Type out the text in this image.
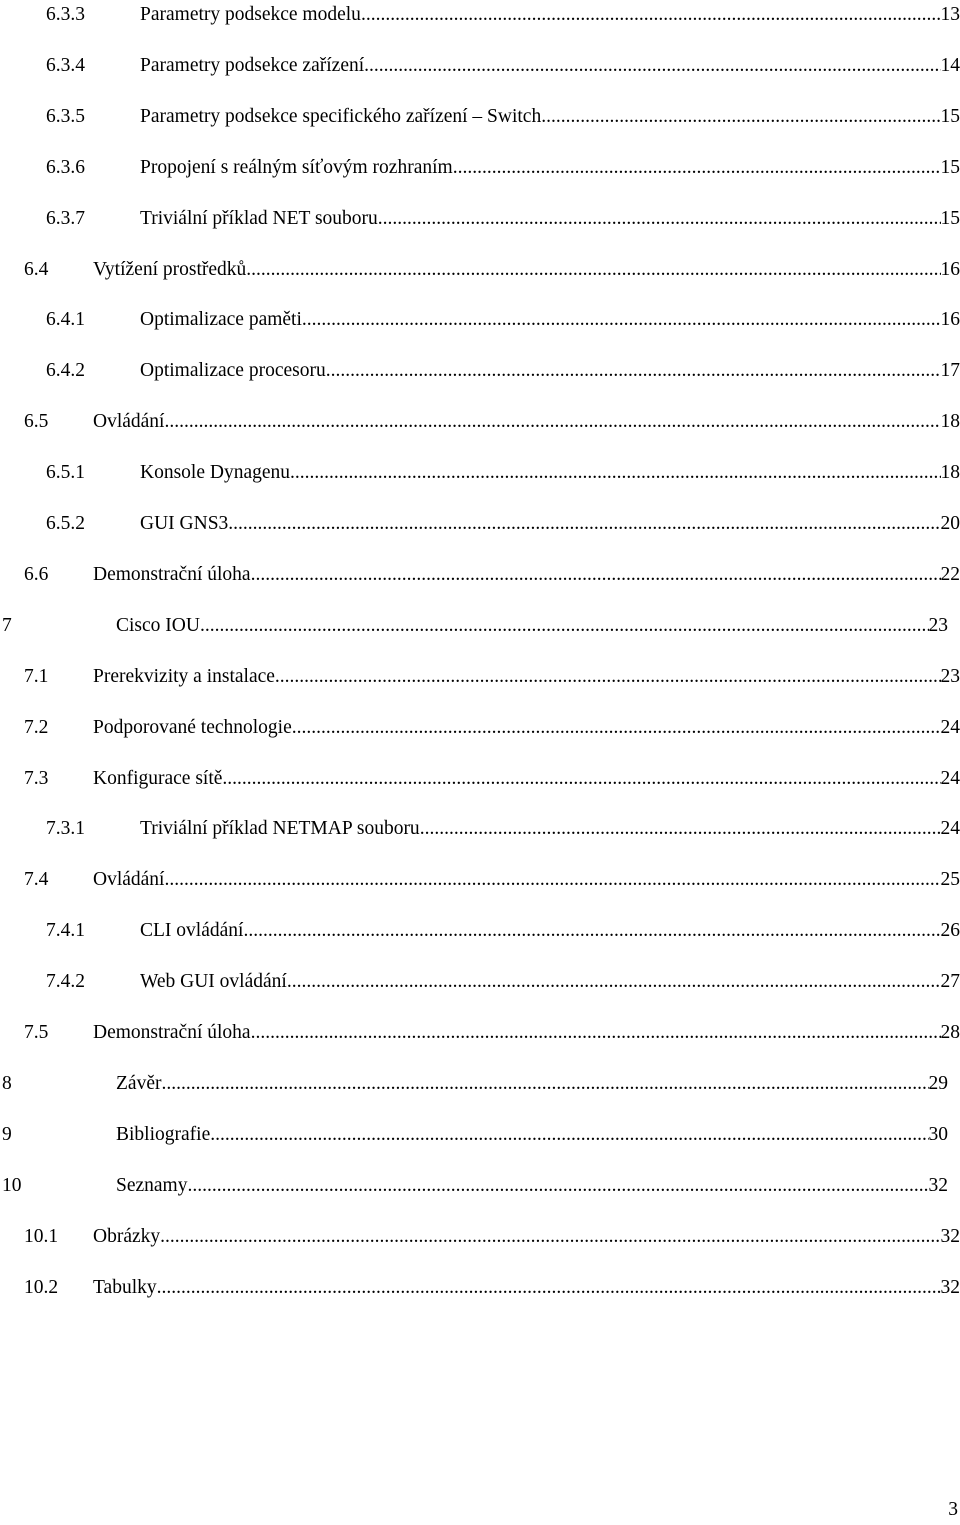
6.3.3	Parametry podsekce modelu .....	13
6.3.4	Parametry podsekce zařízení .....	14
6.3.5	Parametry podsekce specifického zařízení – Switch .....	15
6.3.6	Propojení s reálným síťovým rozhraním .....	15
6.3.7	Triviální příklad NET souboru .....	15
6.4 Vytížení prostředků .....	16
6.4.1	Optimalizace paměti .....	16
6.4.2	Optimalizace procesoru .....	17
6.5 Ovládání .....	18
6.5.1	Konsole Dynagenu .....	18
6.5.2	GUI GNS3 .....	20
6.6 Demonstrační úloha .....	22
7	Cisco IOU .....	23
7.1 Prerekvizity a instalace .....	23
7.2 Podporované technologie .....	24
7.3 Konfigurace sítě .....	24
7.3.1	Triviální příklad NETMAP souboru .....	24
7.4 Ovládání .....	25
7.4.1	CLI ovládání .....	26
7.4.2	Web GUI ovládání .....	27
7.5 Demonstrační úloha .....	28
8	Závěr .....	29
9	Bibliografie .....	30
10	Seznamy .....	32
10.1 Obrázky .....	32
10.2 Tabulky .....	32
3
